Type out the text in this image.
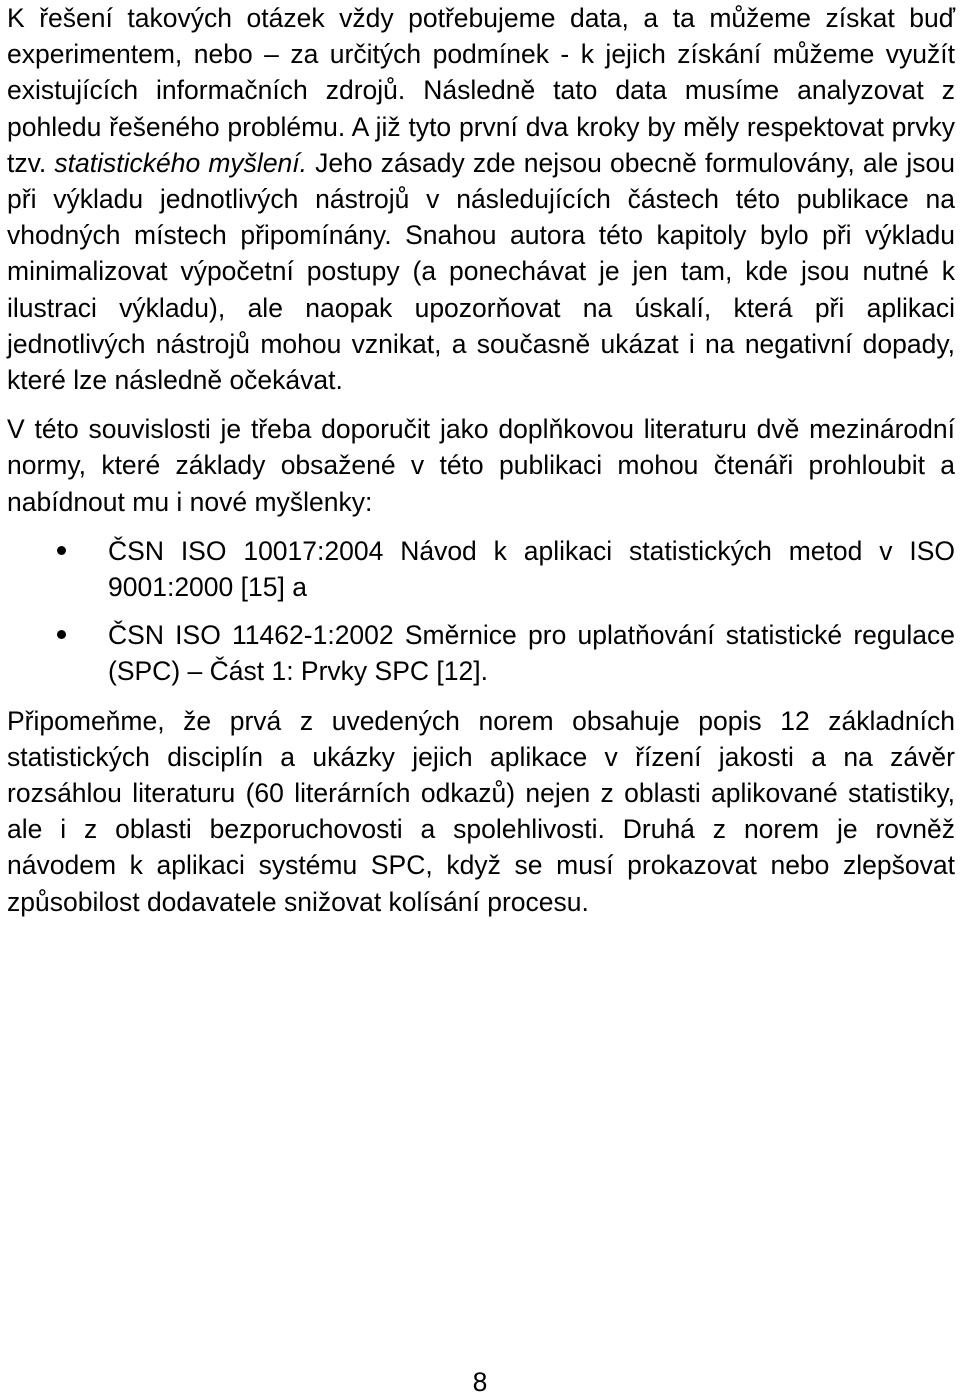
K řešení takových otázek vždy potřebujeme data, a ta můžeme získat buď experimentem, nebo – za určitých podmínek - k jejich získání můžeme využít existujících informačních zdrojů. Následně tato data musíme analyzovat z pohledu řešeného problému. A již tyto první dva kroky by měly respektovat prvky tzv. statistického myšlení. Jeho zásady zde nejsou obecně formulovány, ale jsou při výkladu jednotlivých nástrojů v následujících částech této publikace na vhodných místech připomínány. Snahou autora této kapitoly bylo při výkladu minimalizovat výpočetní postupy (a ponechávat je jen tam, kde jsou nutné k ilustraci výkladu), ale naopak upozorňovat na úskalí, která při aplikaci jednotlivých nástrojů mohou vznikat, a současně ukázat i na negativní dopady, které lze následně očekávat.

V této souvislosti je třeba doporučit jako doplňkovou literaturu dvě mezinárodní normy, které základy obsažené v této publikaci mohou čtenáři prohloubit a nabídnout mu i nové myšlenky:

ČSN ISO 10017:2004 Návod k aplikaci statistických metod v ISO 9001:2000 [15] a
ČSN ISO 11462-1:2002 Směrnice pro uplatňování statistické regulace (SPC) – Část 1: Prvky SPC [12].

Připomeňme, že prvá z uvedených norem obsahuje popis 12 základních statistických disciplín a ukázky jejich aplikace v řízení jakosti a na závěr rozsáhlou literaturu (60 literárních odkazů) nejen z oblasti aplikované statistiky, ale i z oblasti bezporuchovosti a spolehlivosti. Druhá z norem je rovněž návodem k aplikaci systému SPC, když se musí prokazovat nebo zlepšovat způsobilost dodavatele snižovat kolísání procesu.

8
